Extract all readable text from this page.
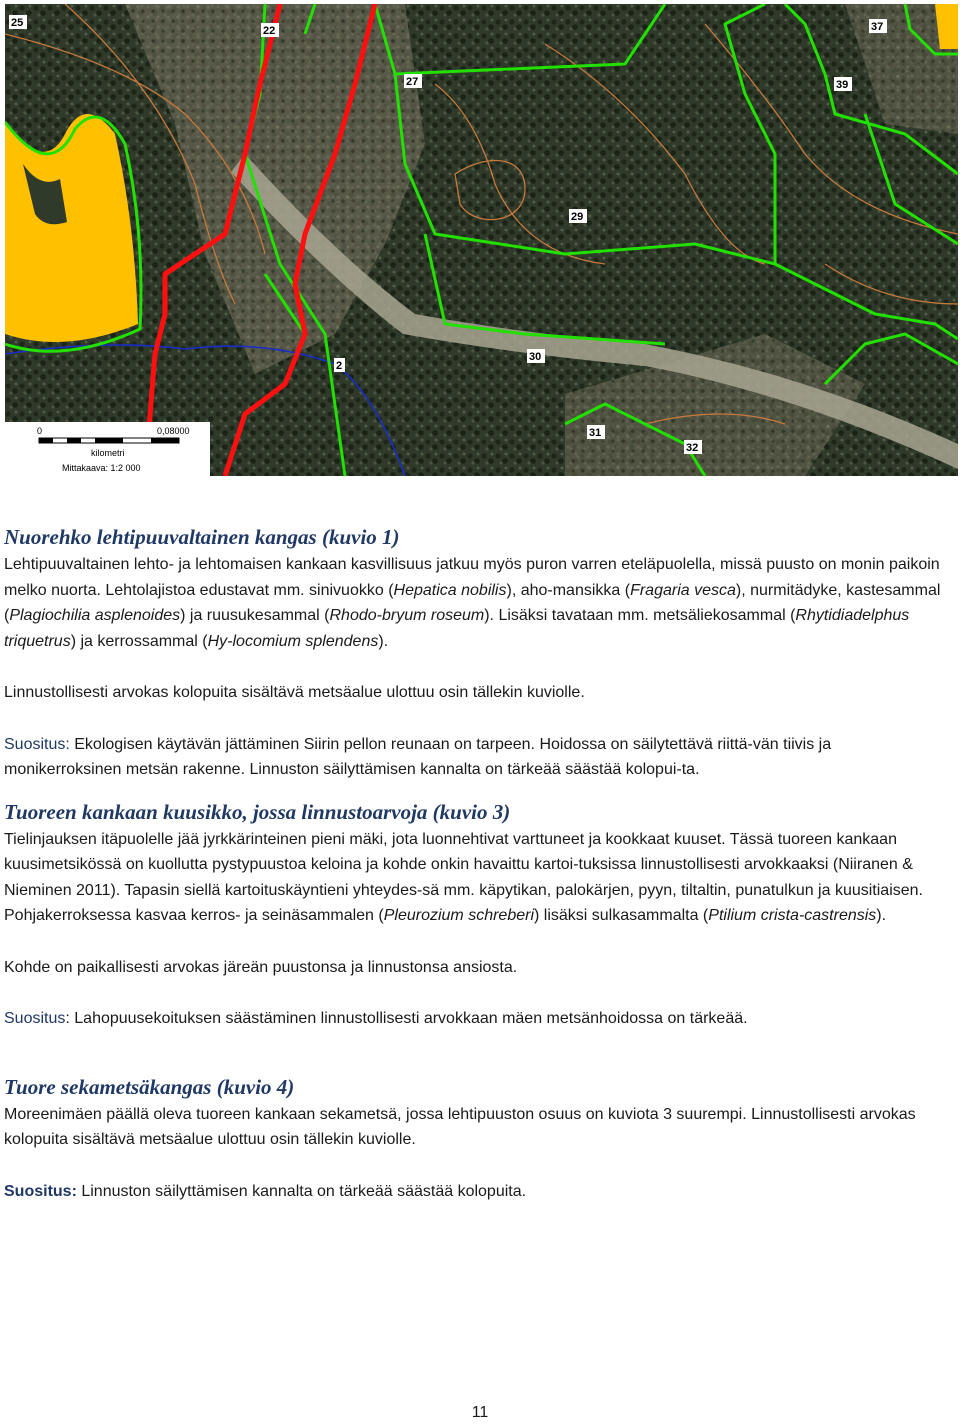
25
22
27
29
30
2
31
32
37
39
0	0,08000
kilometri
Mittakaava: 1:2 000
Nuorehko lehtipuuvaltainen kangas (kuvio 1)

Lehtipuuvaltainen lehto- ja lehtomaisen kankaan kasvillisuus jatkuu myös puron varren eteläpuolella, missä puusto on monin paikoin melko nuorta. Lehtolajistoa edustavat mm. sinivuokko (Hepatica nobilis), aho-mansikka (Fragaria vesca), nurmitädyke, kastesammal (Plagiochilia asplenoides) ja ruusukesammal (Rhodo-bryum roseum). Lisäksi tavataan mm. metsäliekosammal (Rhytidiadelphus triquetrus) ja kerrossammal (Hy-locomium splendens).

Linnustollisesti arvokas kolopuita sisältävä metsäalue ulottuu osin tällekin kuviolle.

Suositus: Ekologisen käytävän jättäminen Siirin pellon reunaan on tarpeen. Hoidossa on säilytettävä riittä-vän tiivis ja monikerroksinen metsän rakenne. Linnuston säilyttämisen kannalta on tärkeää säästää kolopui-ta.

Tuoreen kankaan kuusikko, jossa linnustoarvoja (kuvio 3)

Tielinjauksen itäpuolelle jää jyrkkärinteinen pieni mäki, jota luonnehtivat varttuneet ja kookkaat kuuset. Tässä tuoreen kankaan kuusimetsikössä on kuollutta pystypuustoa keloina ja kohde onkin havaittu kartoi-tuksissa linnustollisesti arvokkaaksi (Niiranen & Nieminen 2011). Tapasin siellä kartoituskäyntieni yhteydes-sä mm. käpytikan, palokärjen, pyyn, tiltaltin, punatulkun ja kuusitiaisen. Pohjakerroksessa kasvaa kerros- ja seinäsammalen (Pleurozium schreberi) lisäksi sulkasammalta (Ptilium crista-castrensis).

Kohde on paikallisesti arvokas järeän puustonsa ja linnustonsa ansiosta.

Suositus: Lahopuusekoituksen säästäminen linnustollisesti arvokkaan mäen metsänhoidossa on tärkeää.

Tuore sekametsäkangas (kuvio 4)

Moreenimäen päällä oleva tuoreen kankaan sekametsä, jossa lehtipuuston osuus on kuviota 3 suurempi. Linnustollisesti arvokas kolopuita sisältävä metsäalue ulottuu osin tällekin kuviolle.

Suositus: Linnuston säilyttämisen kannalta on tärkeää säästää kolopuita.

11
